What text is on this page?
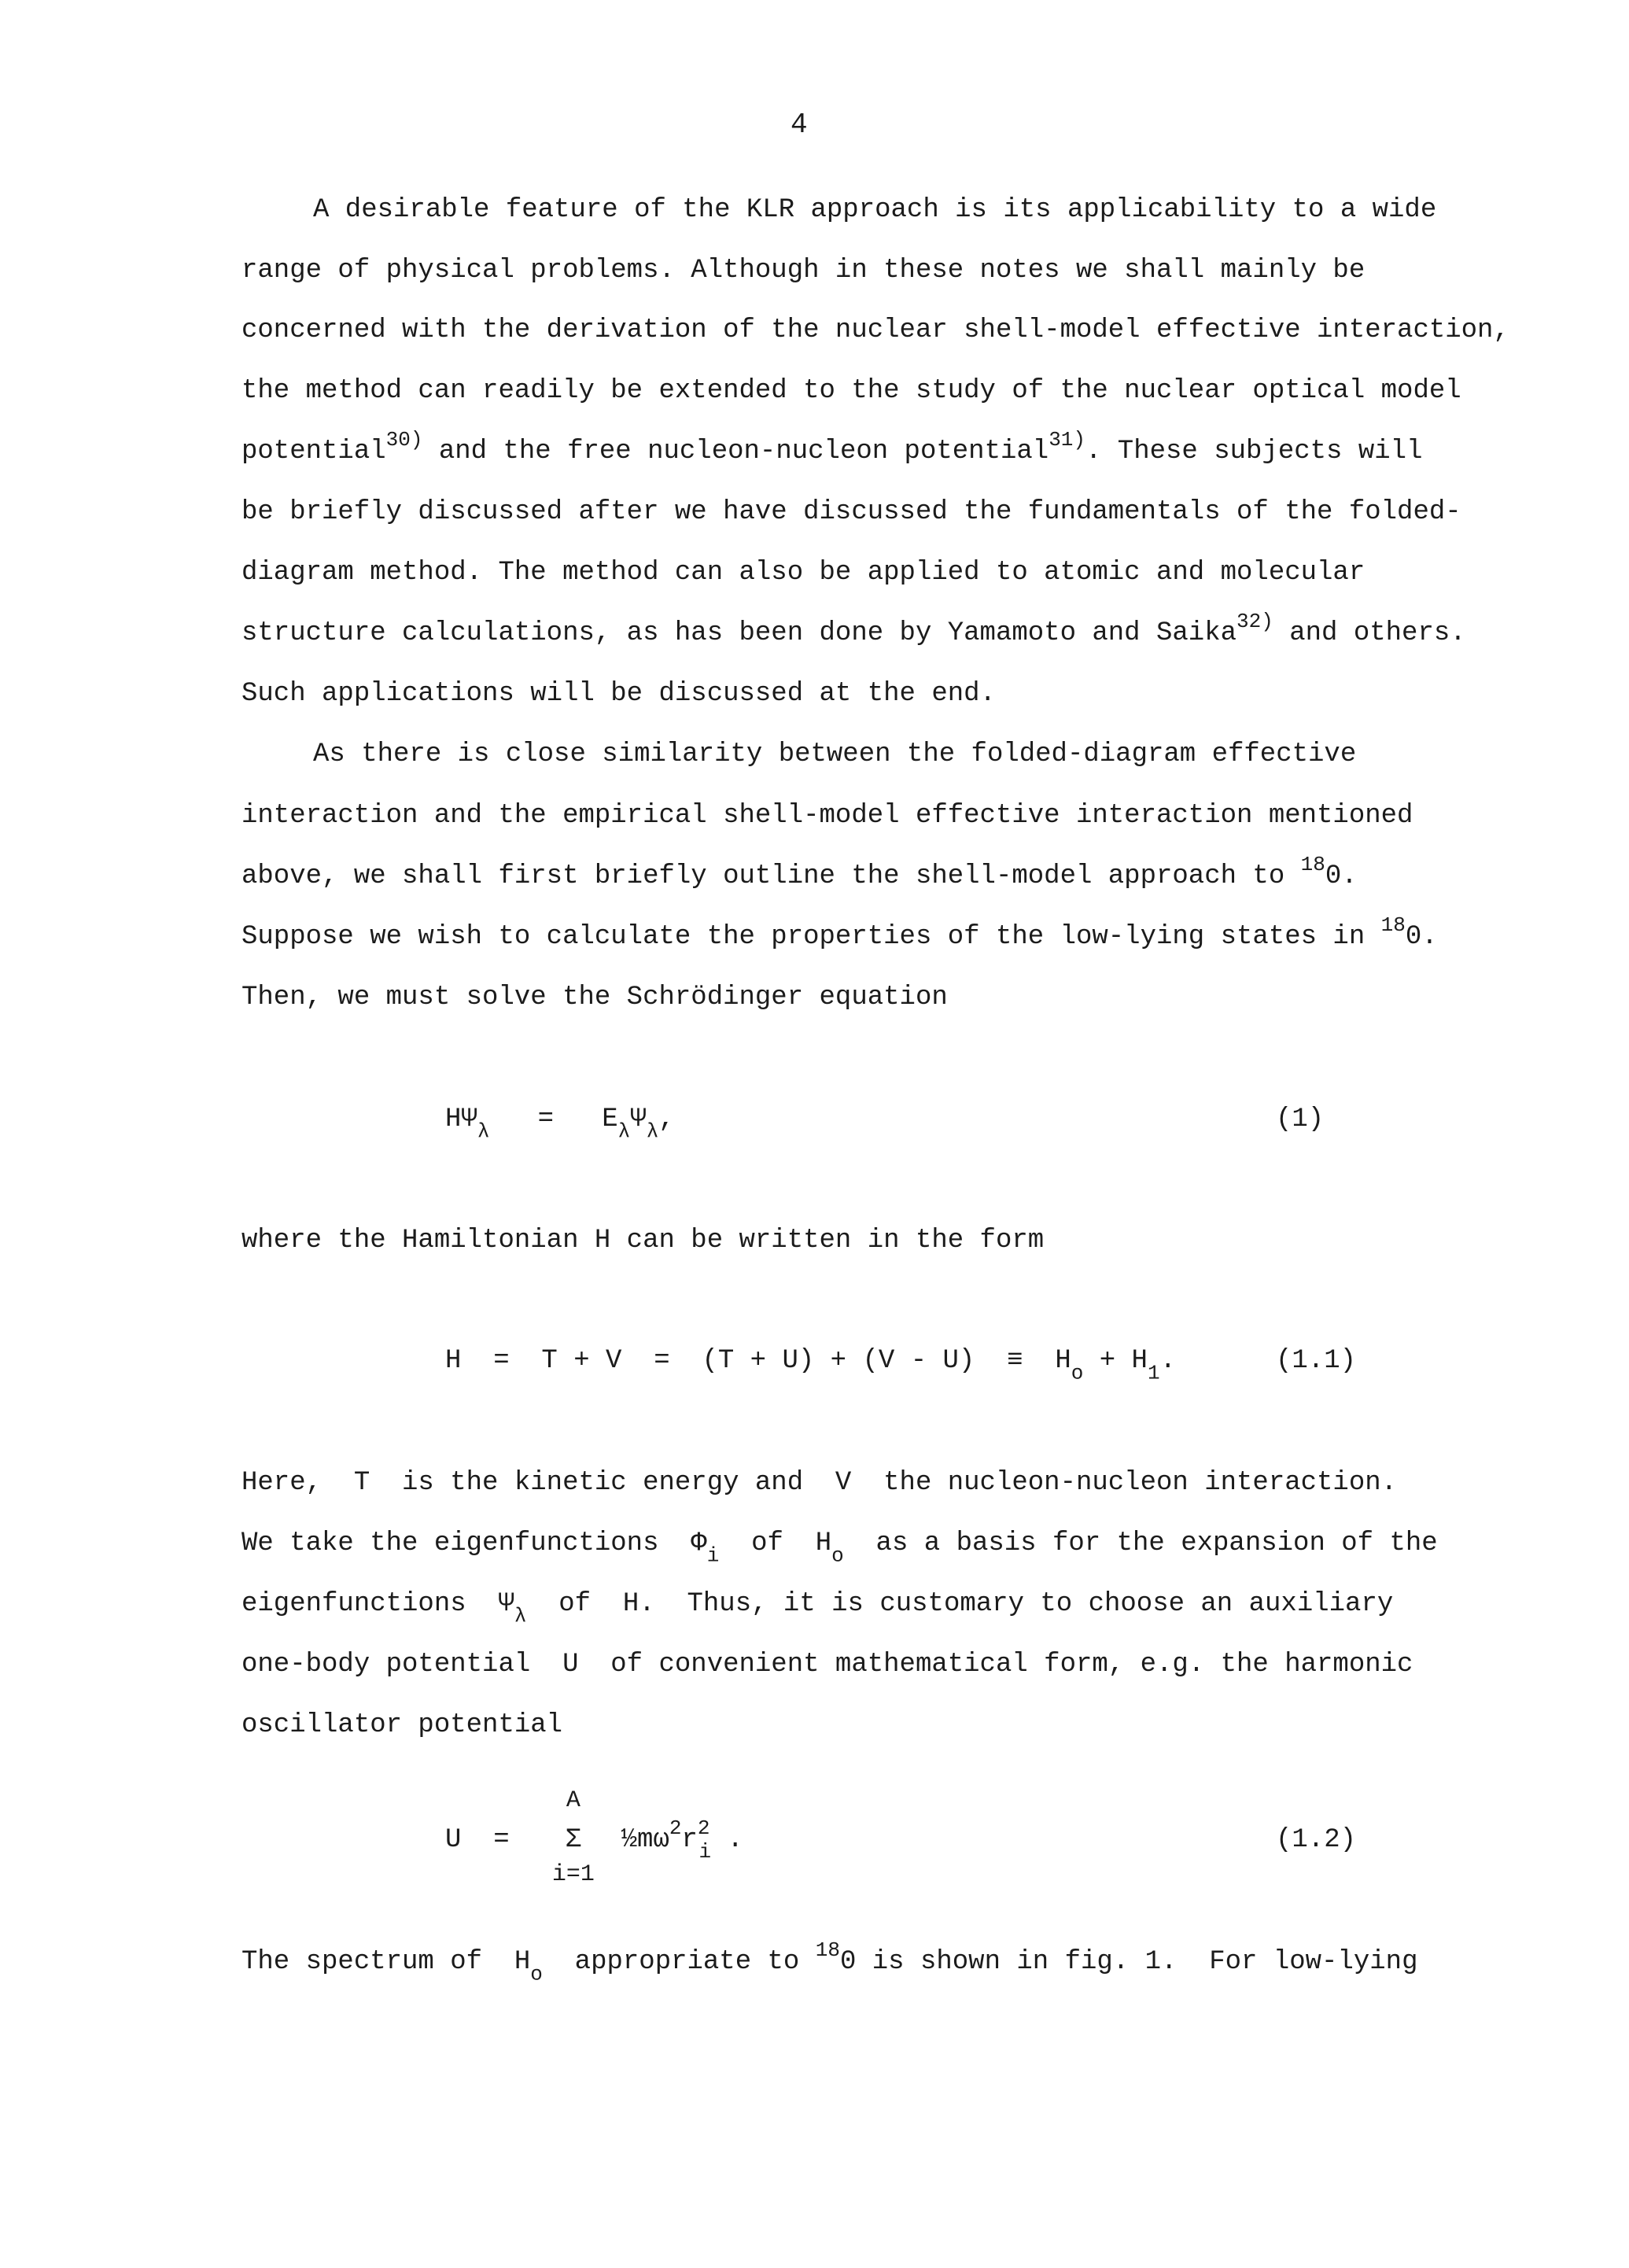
4
A desirable feature of the KLR approach is its applicability to a wide
range of physical problems. Although in these notes we shall mainly be
concerned with the derivation of the nuclear shell-model effective interaction,
the method can readily be extended to the study of the nuclear optical model
potential$^{30)}$ and the free nucleon-nucleon potential$^{31)}$. These subjects will
be briefly discussed after we have discussed the fundamentals of the folded-
diagram method. The method can also be applied to atomic and molecular
structure calculations, as has been done by Yamamoto and Saika$^{32)}$ and others.
Such applications will be discussed at the end.
As there is close similarity between the folded-diagram effective
interaction and the empirical shell-model effective interaction mentioned
above, we shall first briefly outline the shell-model approach to $^{18}$0.
Suppose we wish to calculate the properties of the low-lying states in $^{18}$0.
Then, we must solve the Schrödinger equation
$H\Psi_\lambda = E_\lambda\Psi_\lambda$,	(1)
where the Hamiltonian H can be written in the form
$H = T + V = (T + U) + (V - U) \equiv H_o + H_1$.	(1.1)
Here,  T  is the kinetic energy and  V  the nucleon-nucleon interaction.
We take the eigenfunctions  $\Phi_i$  of  $H_o$  as a basis for the expansion of the
eigenfunctions  $\Psi_\lambda$  of  H.  Thus, it is customary to choose an auxiliary
one-body potential  U  of convenient mathematical form, e.g. the harmonic
oscillator potential
U  =
A
Σ
i=1
$\frac{1}{2}m\omega^2r^2_i$ .	(1.2)
The spectrum of  $H_o$  appropriate to $^{18}$0 is shown in fig. 1.  For low-lying
